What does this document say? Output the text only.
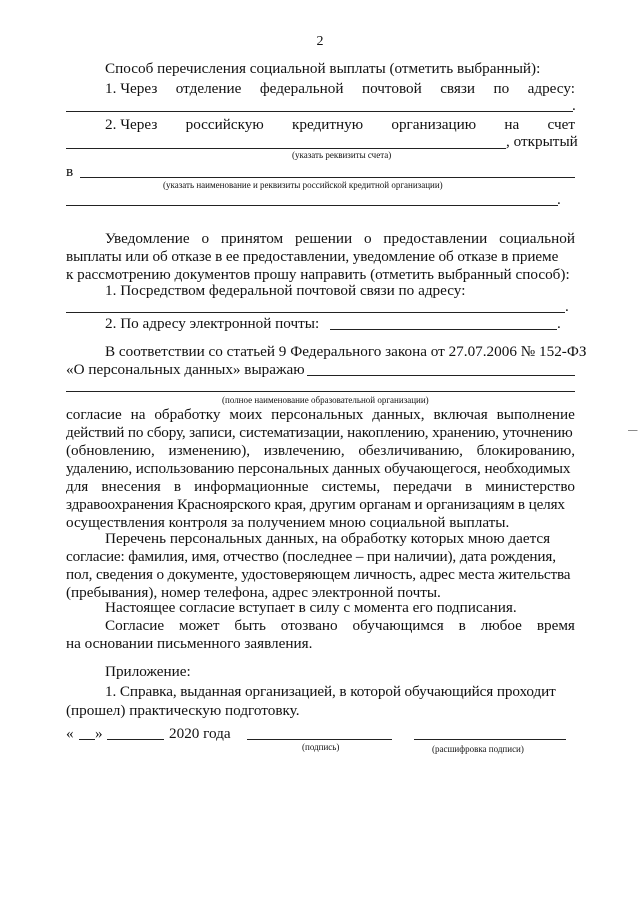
2
Способ перечисления социальной выплаты (отметить выбранный):
1. Через отделение федеральной почтовой связи по адресу:
.
2. Через российскую кредитную организацию на счет
, открытый
(указать реквизиты счета)
в
(указать наименование и реквизиты российской кредитной организации)
.
Уведомление о принятом решении о предоставлении социальной
выплаты или об отказе в ее предоставлении, уведомление об отказе в приеме
к рассмотрению документов прошу направить (отметить выбранный способ):
1. Посредством федеральной почтовой связи по адресу:
.
2. По адресу электронной почты:	.
В соответствии со статьей 9 Федерального закона от 27.07.2006 № 152-ФЗ
«О персональных данных» выражаю
(полное наименование образовательной организации)
согласие на обработку моих персональных данных, включая выполнение
действий по сбору, записи, систематизации, накоплению, хранению, уточнению
(обновлению, изменению), извлечению, обезличиванию, блокированию,
удалению, использованию персональных данных обучающегося, необходимых
для внесения в информационные системы, передачи в министерство
здравоохранения Красноярского края, другим органам и организациям в целях
осуществления контроля за получением мною социальной выплаты.
Перечень персональных данных, на обработку которых мною дается
согласие: фамилия, имя, отчество (последнее – при наличии), дата рождения,
пол, сведения о документе, удостоверяющем личность, адрес места жительства
(пребывания), номер телефона, адрес электронной почты.
Настоящее согласие вступает в силу с момента его подписания.
Согласие может быть отозвано обучающимся в любое время
на основании письменного заявления.
Приложение:
1. Справка, выданная организацией, в которой обучающийся проходит
(прошел) практическую подготовку.
« »	2020 года
(подпись)	(расшифровка подписи)
|
